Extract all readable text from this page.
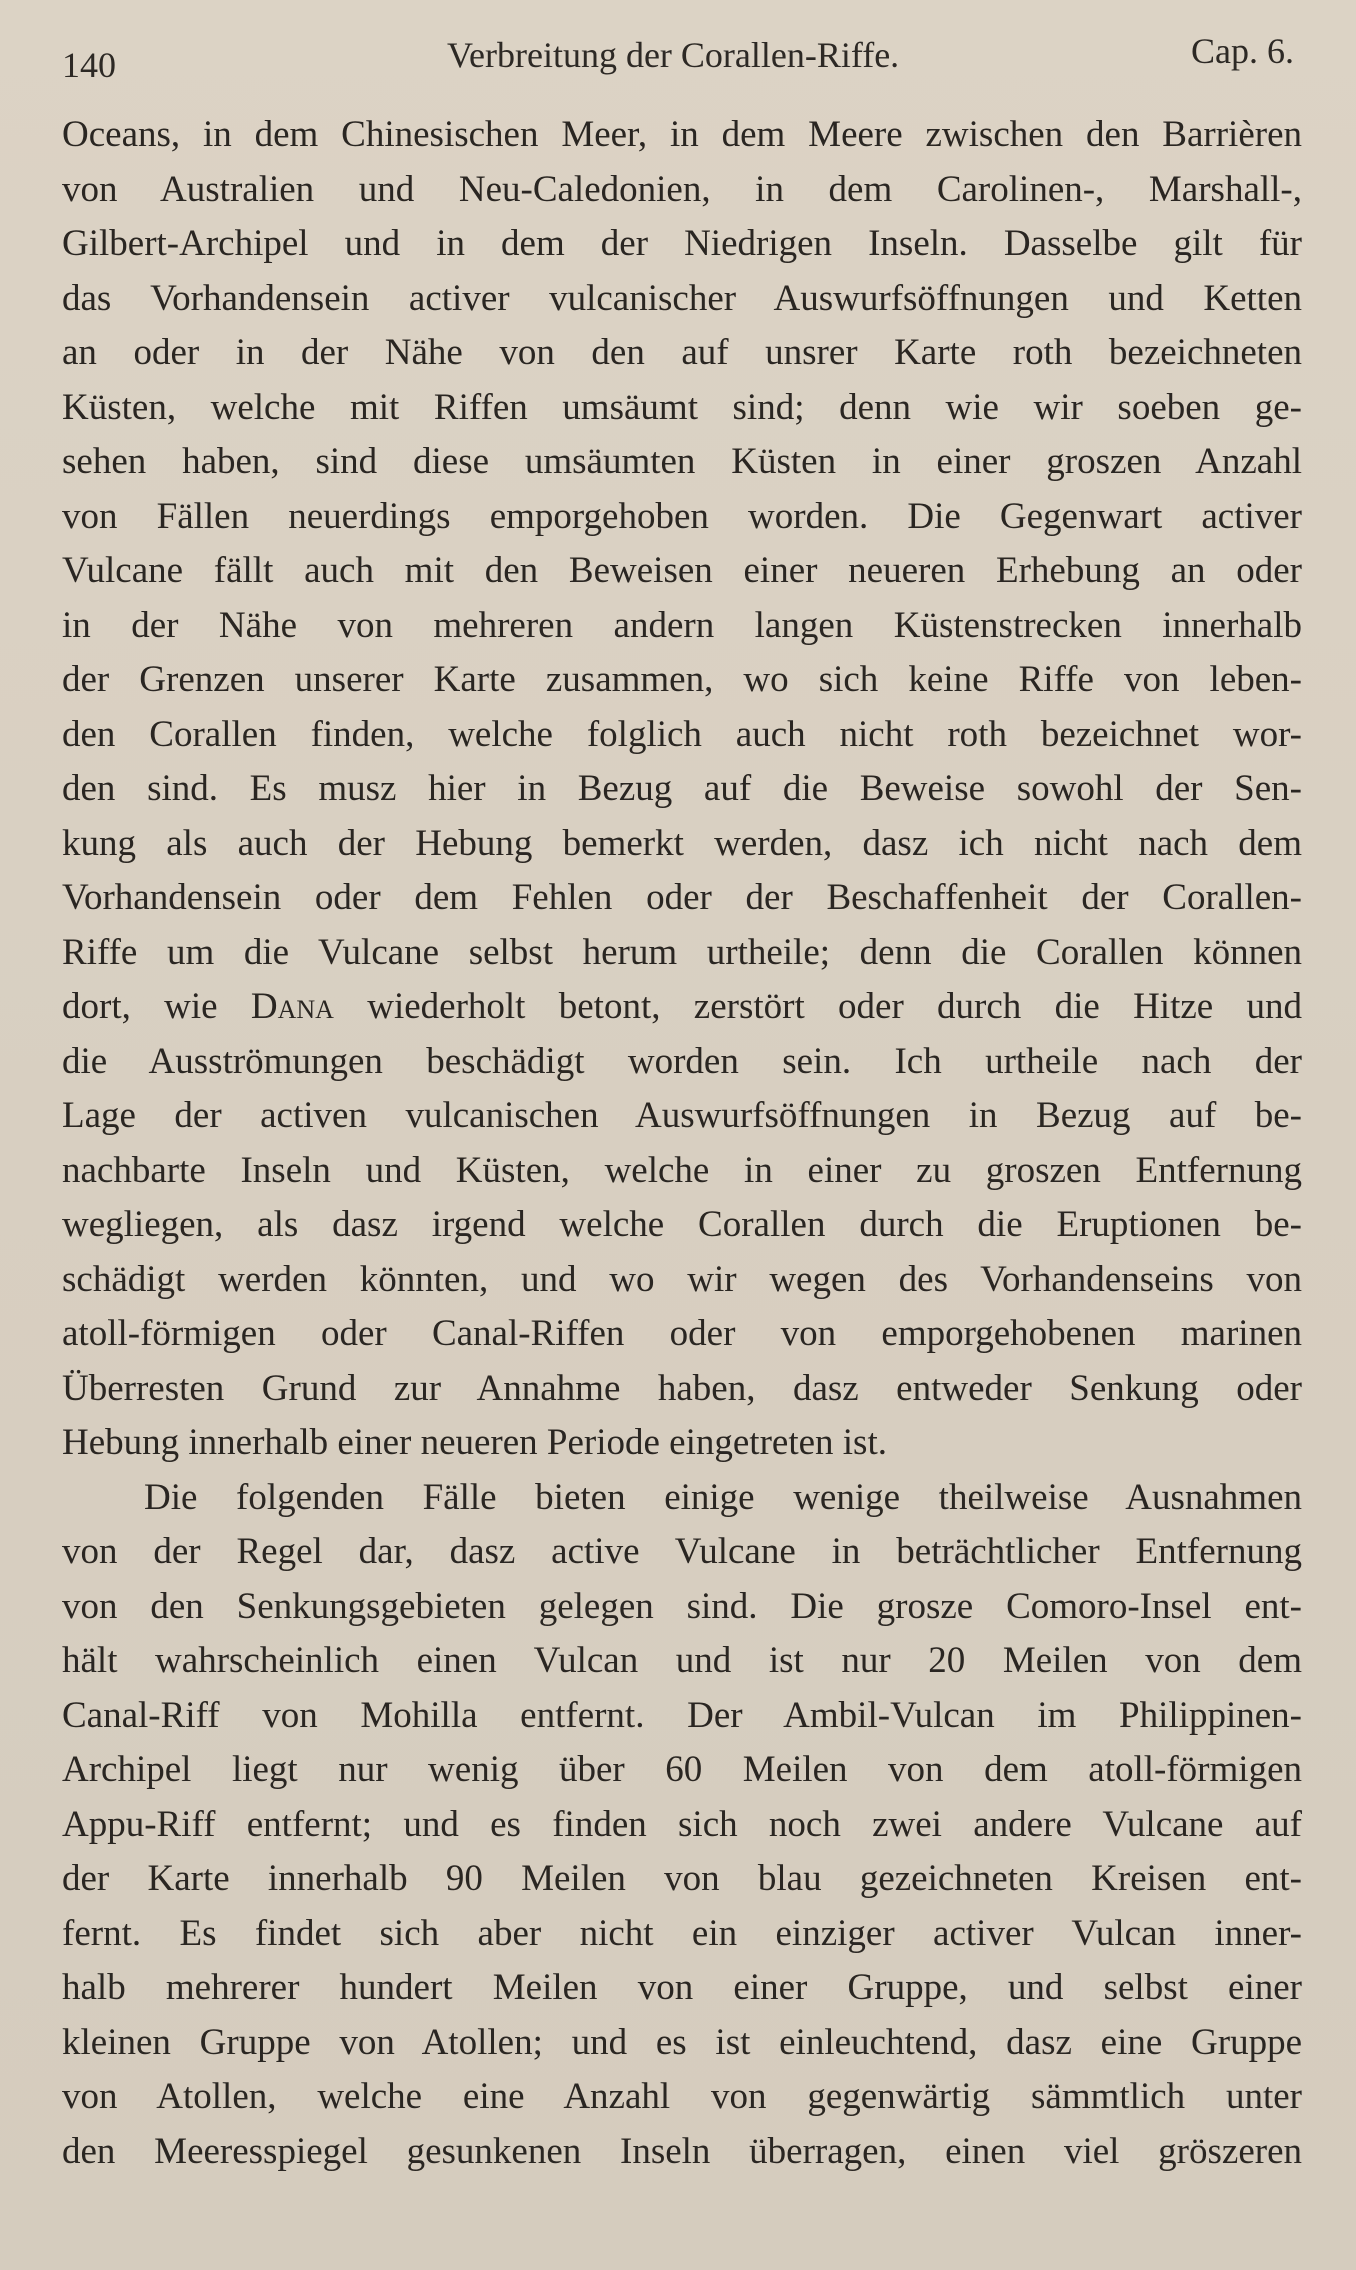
140	Verbreitung der Corallen-Riffe.	Cap. 6.
Oceans, in dem Chinesischen Meer, in dem Meere zwischen den Barrièren
von Australien und Neu-Caledonien, in dem Carolinen-, Marshall-,
Gilbert-Archipel und in dem der Niedrigen Inseln. Dasselbe gilt für
das Vorhandensein activer vulcanischer Auswurfsöffnungen und Ketten
an oder in der Nähe von den auf unsrer Karte roth bezeichneten
Küsten, welche mit Riffen umsäumt sind; denn wie wir soeben ge-
sehen haben, sind diese umsäumten Küsten in einer groszen Anzahl
von Fällen neuerdings emporgehoben worden. Die Gegenwart activer
Vulcane fällt auch mit den Beweisen einer neueren Erhebung an oder
in der Nähe von mehreren andern langen Küstenstrecken innerhalb
der Grenzen unserer Karte zusammen, wo sich keine Riffe von leben-
den Corallen finden, welche folglich auch nicht roth bezeichnet wor-
den sind. Es musz hier in Bezug auf die Beweise sowohl der Sen-
kung als auch der Hebung bemerkt werden, dasz ich nicht nach dem
Vorhandensein oder dem Fehlen oder der Beschaffenheit der Corallen-
Riffe um die Vulcane selbst herum urtheile; denn die Corallen können
dort, wie Dana wiederholt betont, zerstört oder durch die Hitze und
die Ausströmungen beschädigt worden sein. Ich urtheile nach der
Lage der activen vulcanischen Auswurfsöffnungen in Bezug auf be-
nachbarte Inseln und Küsten, welche in einer zu groszen Entfernung
wegliegen, als dasz irgend welche Corallen durch die Eruptionen be-
schädigt werden könnten, und wo wir wegen des Vorhandenseins von
atoll-förmigen oder Canal-Riffen oder von emporgehobenen marinen
Überresten Grund zur Annahme haben, dasz entweder Senkung oder
Hebung innerhalb einer neueren Periode eingetreten ist.
Die folgenden Fälle bieten einige wenige theilweise Ausnahmen
von der Regel dar, dasz active Vulcane in beträchtlicher Entfernung
von den Senkungsgebieten gelegen sind. Die grosze Comoro-Insel ent-
hält wahrscheinlich einen Vulcan und ist nur 20 Meilen von dem
Canal-Riff von Mohilla entfernt. Der Ambil-Vulcan im Philippinen-
Archipel liegt nur wenig über 60 Meilen von dem atoll-förmigen
Appu-Riff entfernt; und es finden sich noch zwei andere Vulcane auf
der Karte innerhalb 90 Meilen von blau gezeichneten Kreisen ent-
fernt. Es findet sich aber nicht ein einziger activer Vulcan inner-
halb mehrerer hundert Meilen von einer Gruppe, und selbst einer
kleinen Gruppe von Atollen; und es ist einleuchtend, dasz eine Gruppe
von Atollen, welche eine Anzahl von gegenwärtig sämmtlich unter
den Meeresspiegel gesunkenen Inseln überragen, einen viel gröszeren
